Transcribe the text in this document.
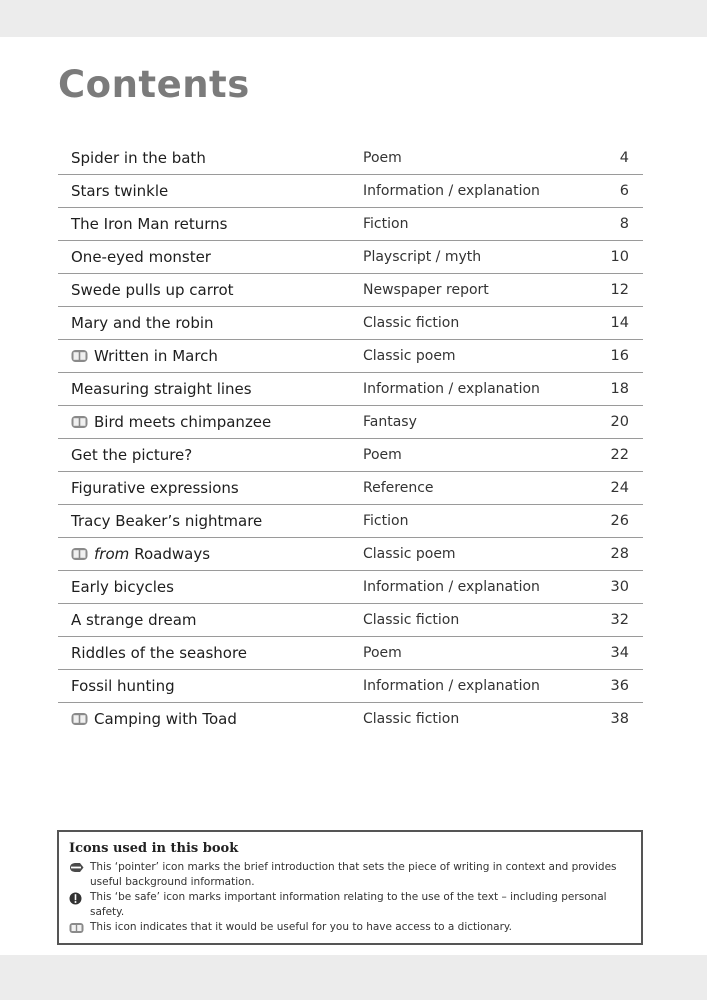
Contents
Spider in the bath	Poem	4
Stars twinkle	Information / explanation	6
The Iron Man returns	Fiction	8
One-eyed monster	Playscript / myth	10
Swede pulls up carrot	Newspaper report	12
Mary and the robin	Classic fiction	14
Written in March	Classic poem	16
Measuring straight lines	Information / explanation	18
Bird meets chimpanzee	Fantasy	20
Get the picture?	Poem	22
Figurative expressions	Reference	24
Tracy Beaker’s nightmare	Fiction	26
from Roadways	Classic poem	28
Early bicycles	Information / explanation	30
A strange dream	Classic fiction	32
Riddles of the seashore	Poem	34
Fossil hunting	Information / explanation	36
Camping with Toad	Classic fiction	38
Icons used in this book
This ‘pointer’ icon marks the brief introduction that sets the piece of writing in context and provides useful background information.
This ‘be safe’ icon marks important information relating to the use of the text – including personal safety.
This icon indicates that it would be useful for you to have access to a dictionary.
